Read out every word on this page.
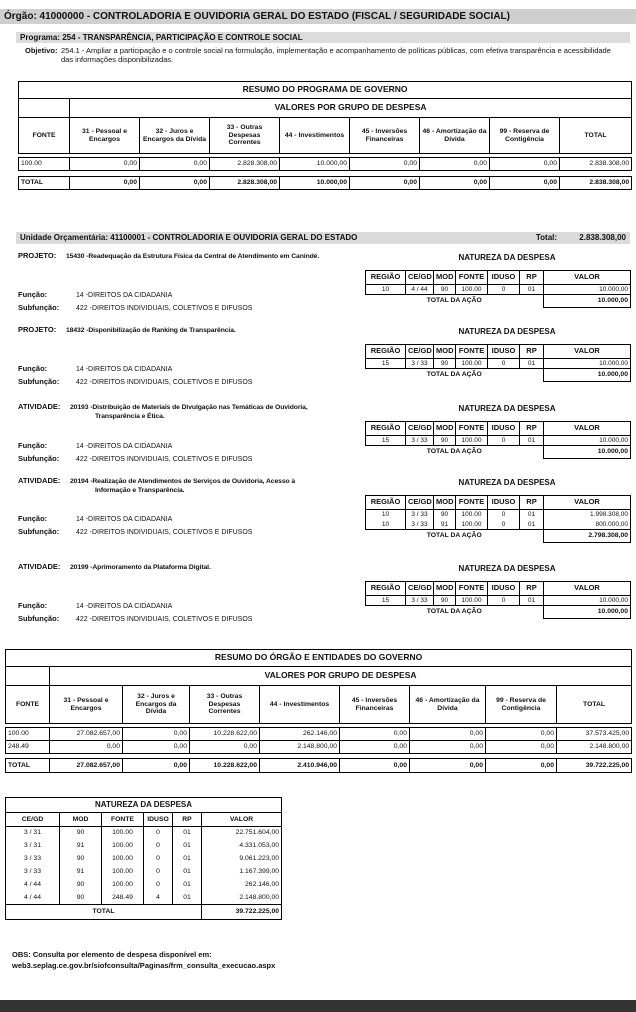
Órgão: 41000000 - CONTROLADORIA E OUVIDORIA GERAL DO ESTADO (FISCAL / SEGURIDADE SOCIAL)
Programa: 254 - TRANSPARÊNCIA, PARTICIPAÇÃO E CONTROLE SOCIAL
Objetivo: 254.1 - Ampliar a participação e o controle social na formulação, implementação e acompanhamento de políticas públicas, com efetiva transparência e acessibilidade das informações disponibilizadas.
RESUMO DO PROGRAMA DE GOVERNO								
	VALORES POR GRUPO DE DESPESA							
FONTE	31 - Pessoal e Encargos	32 - Juros e Encargos da Dívida	33 - Outras Despesas Correntes	44 - Investimentos	45 - Inversões Financeiras	46 - Amortização da Dívida	99 - Reserva de Contigência	TOTAL

100.00	0,00	0,00	2.828.308,00	10.000,00	0,00	0,00	0,00	2.838.308,00

TOTAL	0,00	0,00	2.828.308,00	10.000,00	0,00	0,00	0,00	2.838.308,00
Unidade Orçamentária: 41100001 - CONTROLADORIA E OUVIDORIA GERAL DO ESTADO	Total:	2.838.308,00
PROJETO: 15430 -Readequação da Estrutura Física da Central de Atendimento em Canindé.
Função:	14 -DIREITOS DA CIDADANIA
Subfunção: 422 -DIREITOS INDIVIDUAIS, COLETIVOS E DIFUSOS
NATUREZA DA DESPESA
REGIÃO	CE/GD	MOD	FONTE	IDUSO	RP	VALOR
10	4 / 44	90	100.00	0	01	10.000,00
TOTAL DA AÇÃO						10.000,00
PROJETO: 18432 -Disponibilização de Ranking de Transparência.
Função:	14 -DIREITOS DA CIDADANIA
Subfunção: 422 -DIREITOS INDIVIDUAIS, COLETIVOS E DIFUSOS
NATUREZA DA DESPESA
REGIÃO	CE/GD	MOD	FONTE	IDUSO	RP	VALOR
15	3 / 33	90	100.00	0	01	10.000,00
TOTAL DA AÇÃO						10.000,00
ATIVIDADE: 20193 -Distribuição de Materiais de Divulgação nas Temáticas de Ouvidoria,
Transparência e Ética.
Função:	14 -DIREITOS DA CIDADANIA
Subfunção: 422 -DIREITOS INDIVIDUAIS, COLETIVOS E DIFUSOS
NATUREZA DA DESPESA
REGIÃO	CE/GD	MOD	FONTE	IDUSO	RP	VALOR
15	3 / 33	90	100.00	0	01	10.000,00
TOTAL DA AÇÃO						10.000,00
ATIVIDADE: 20194 -Realização de Atendimentos de Serviços de Ouvidoria, Acesso à
Informação e Transparência.
Função:	14 -DIREITOS DA CIDADANIA
Subfunção: 422 -DIREITOS INDIVIDUAIS, COLETIVOS E DIFUSOS
NATUREZA DA DESPESA
REGIÃO	CE/GD	MOD	FONTE	IDUSO	RP	VALOR
10	3 / 33	90	100.00	0	01	1.998.308,00
10	3 / 33	91	100.00	0	01	800.000,00
TOTAL DA AÇÃO						2.798.308,00
ATIVIDADE: 20199 -Aprimoramento da Plataforma Digital.
Função:	14 -DIREITOS DA CIDADANIA
Subfunção: 422 -DIREITOS INDIVIDUAIS, COLETIVOS E DIFUSOS
NATUREZA DA DESPESA
REGIÃO	CE/GD	MOD	FONTE	IDUSO	RP	VALOR
15	3 / 33	90	100.00	0	01	10.000,00
TOTAL DA AÇÃO						10.000,00
RESUMO DO ÓRGÃO E ENTIDADES DO GOVERNO								
	VALORES POR GRUPO DE DESPESA							
FONTE	31 - Pessoal e Encargos	32 - Juros e Encargos da Dívida	33 - Outras Despesas Correntes	44 - Investimentos	45 - Inversões Financeiras	46 - Amortização da Dívida	99 - Reserva de Contigência	TOTAL

100.00	27.082.657,00	0,00	10.228.622,00	262.146,00	0,00	0,00	0,00	37.573.425,00
248.49	0,00	0,00	0,00	2.148.800,00	0,00	0,00	0,00	2.148.800,00

TOTAL	27.082.657,00	0,00	10.228.622,00	2.410.946,00	0,00	0,00	0,00	39.722.225,00
NATUREZA DA DESPESA					
CE/GD	MOD	FONTE	IDUSO	RP	VALOR
3 / 31	90	100.00	0	01	22.751.604,00
3 / 31	91	100.00	0	01	4.331.053,00
3 / 33	90	100.00	0	01	9.061.223,00
3 / 33	91	100.00	0	01	1.167.399,00
4 / 44	90	100.00	0	01	262.146,00
4 / 44	90	248.49	4	01	2.148.800,00
TOTAL					39.722.225,00
OBS: Consulta por elemento de despesa disponível em:
web3.seplag.ce.gov.br/siofconsulta/Paginas/frm_consulta_execucao.aspx
